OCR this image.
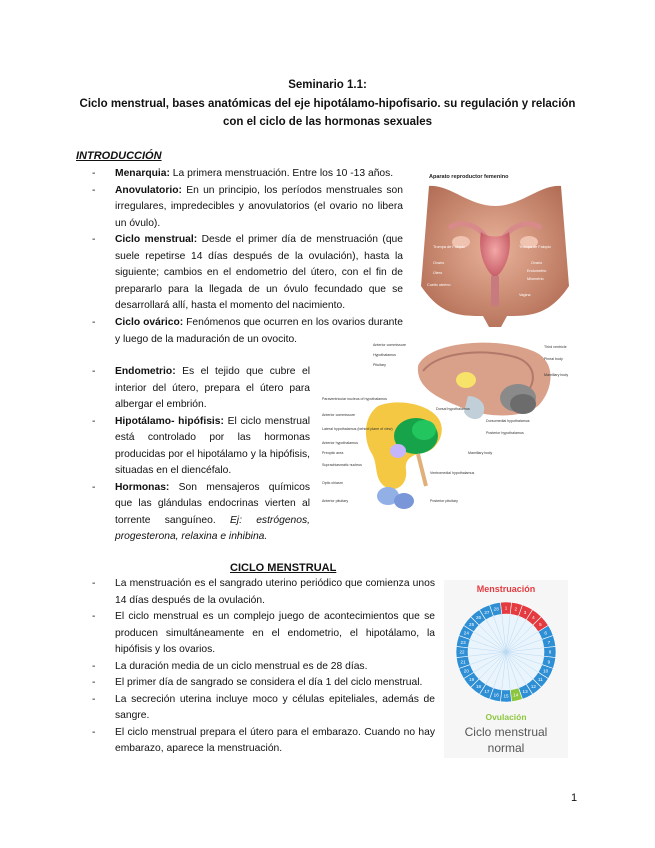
Seminario 1.1:
Ciclo menstrual, bases anatómicas del eje hipotálamo-hipofisario. su regulación y relación
con el ciclo de las hormonas sexuales
INTRODUCCIÓN
- Menarquia: La primera menstruación. Entre los 10 -13 años.
- Anovulatorio: En un principio, los períodos menstruales son irregulares, impredecibles y anovulatorios (el ovario no libera un óvulo).
- Ciclo menstrual: Desde el primer día de menstruación (que suele repetirse 14 días después de la ovulación), hasta la siguiente; cambios en el endometrio del útero, con el fin de prepararlo para la llegada de un óvulo fecundado que se desarrollará allí, hasta el momento del nacimiento.
- Ciclo ovárico: Fenómenos que ocurren en los ovarios durante y luego de la maduración de un ovocito.
- Endometrio: Es el tejido que cubre el interior del útero, prepara el útero para albergar el embrión.
- Hipotálamo- hipófisis: El ciclo menstrual está controlado por las hormonas producidas por el hipotálamo y la hipófisis, situadas en el diencéfalo.
- Hormonas: Son mensajeros químicos que las glándulas endocrinas vierten al torrente sanguíneo. Ej: estrógenos, progesterona, relaxina e inhibina.
Aparato reproductor femenino
Trompa de Falopio
Ovario
Útero
Cuello uterino
Trompa de Falopio
Ovario
Endometrio
Miometrio
Vagina
Anterior commissure
Hypothalamus
Pituitary
Paraventricular nucleus of hypothalamus
Anterior commissure
Lateral hypothalamus (behind plane of view)
Anterior hypothalamus
Preoptic area
Suprachiasmatic nucleus
Optic chiasm
Anterior pituitary
Third ventricle
Pineal body
Mamillary body
Dorsal hypothalamus
Dorsomedial hypothalamus
Posterior hypothalamus
Mamillary body
Ventromedial hypothalamus
Posterior pituitary
CICLO MENSTRUAL
- La menstruación es el sangrado uterino periódico que comienza unos 14 días después de la ovulación.
- El ciclo menstrual es un complejo juego de acontecimientos que se producen simultáneamente en el endometrio, el hipotálamo, la hipófisis y los ovarios.
- La duración media de un ciclo menstrual es de 28 días.
- El primer día de sangrado se considera el día 1 del ciclo menstrual.
- La secreción uterina incluye moco y células epiteliales, además de sangre.
- El ciclo menstrual prepara el útero para el embarazo. Cuando no hay embarazo, aparece la menstruación.
Menstruación
1 2
3
4
5
6
7
8
9
10
11
12
13
14
15
16
17
18
19
20
21
22
23
24
25
26
27
28
Ovulación
Ciclo menstrual
normal
1
